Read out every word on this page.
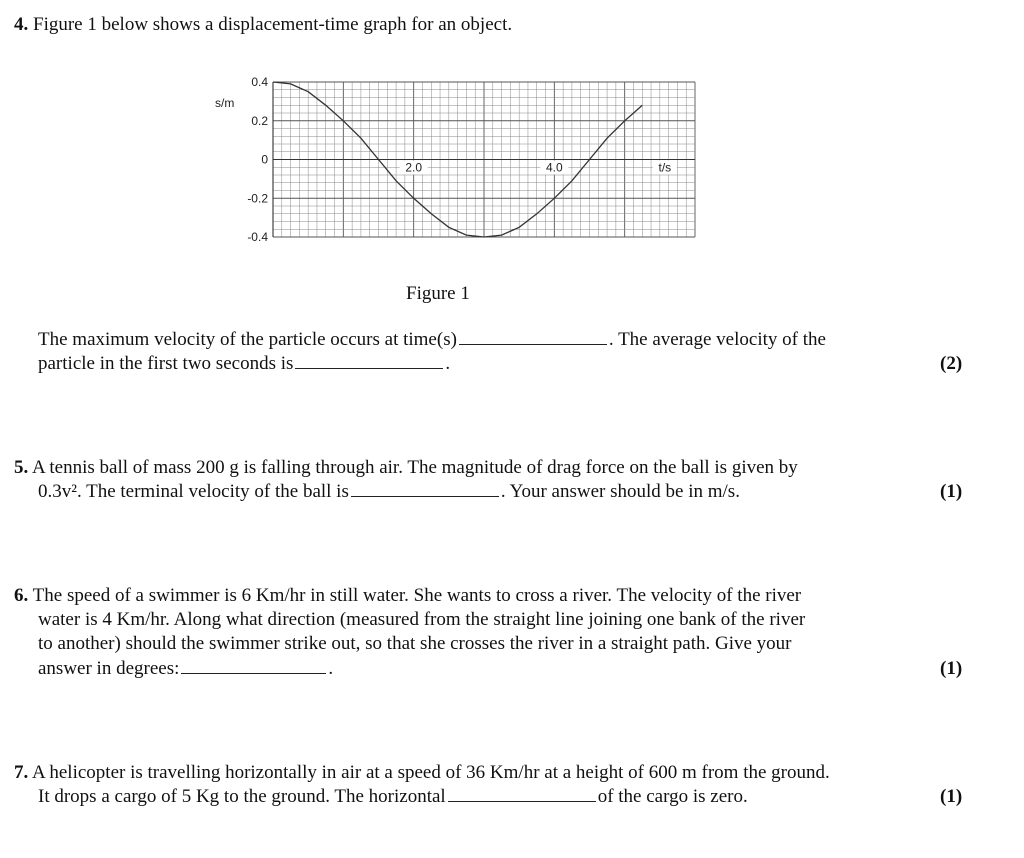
4. Figure 1 below shows a displacement-time graph for an object.
0.4
0.2
0
-0.2
-0.4
2.0	4.0	t/s
s/m
Figure 1
The maximum velocity of the particle occurs at time(s)	. The average velocity of the
particle in the first two seconds is	.	(2)
5. A tennis ball of mass 200 g is falling through air. The magnitude of drag force on the ball is given by
0.3v². The terminal velocity of the ball is	. Your answer should be in m/s.	(1)
6. The speed of a swimmer is 6 Km/hr in still water. She wants to cross a river. The velocity of the river
water is 4 Km/hr. Along what direction (measured from the straight line joining one bank of the river
to another) should the swimmer strike out, so that she crosses the river in a straight path. Give your
answer in degrees:	.	(1)
7. A helicopter is travelling horizontally in air at a speed of 36 Km/hr at a height of 600 m from the ground.
It drops a cargo of 5 Kg to the ground. The horizontal	of the cargo is zero.	(1)
